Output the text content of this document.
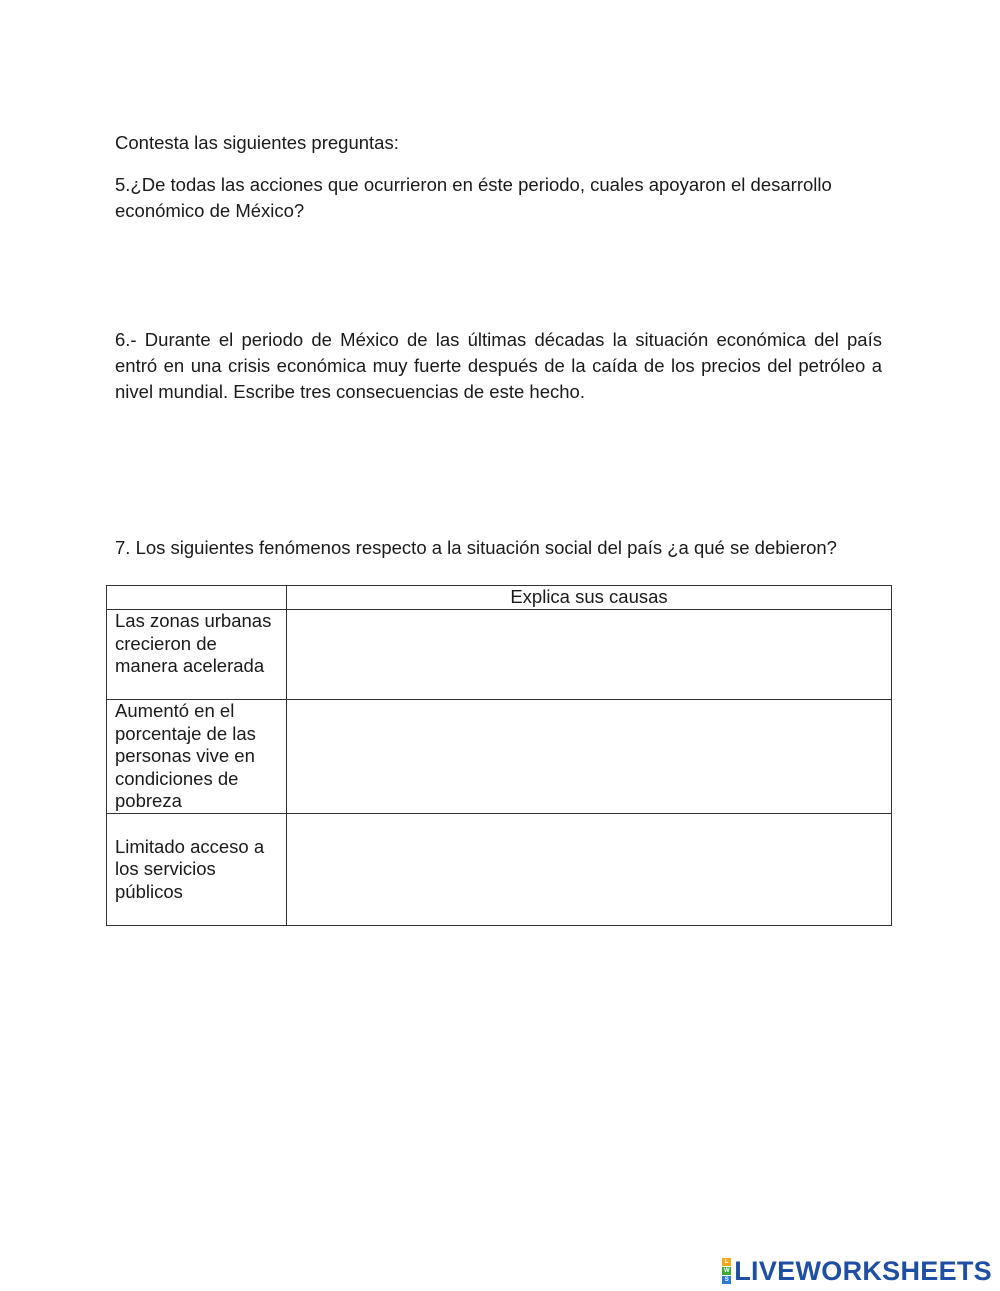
Contesta las siguientes preguntas:
5.¿De todas las acciones que ocurrieron en éste periodo, cuales apoyaron el desarrollo económico de México?
6.- Durante el periodo de México de las últimas décadas la situación económica del país entró en una crisis económica muy fuerte después de la caída de los precios del petróleo a nivel mundial. Escribe tres consecuencias de este hecho.
7. Los siguientes fenómenos respecto a la situación social del país ¿a qué se debieron?
	Explica sus causas
Las zonas urbanas crecieron de manera acelerada	
Aumentó en el porcentaje de las personas vive en condiciones de pobreza	
Limitado acceso a los servicios públicos	
L
W
S LIVEWORKSHEETS
